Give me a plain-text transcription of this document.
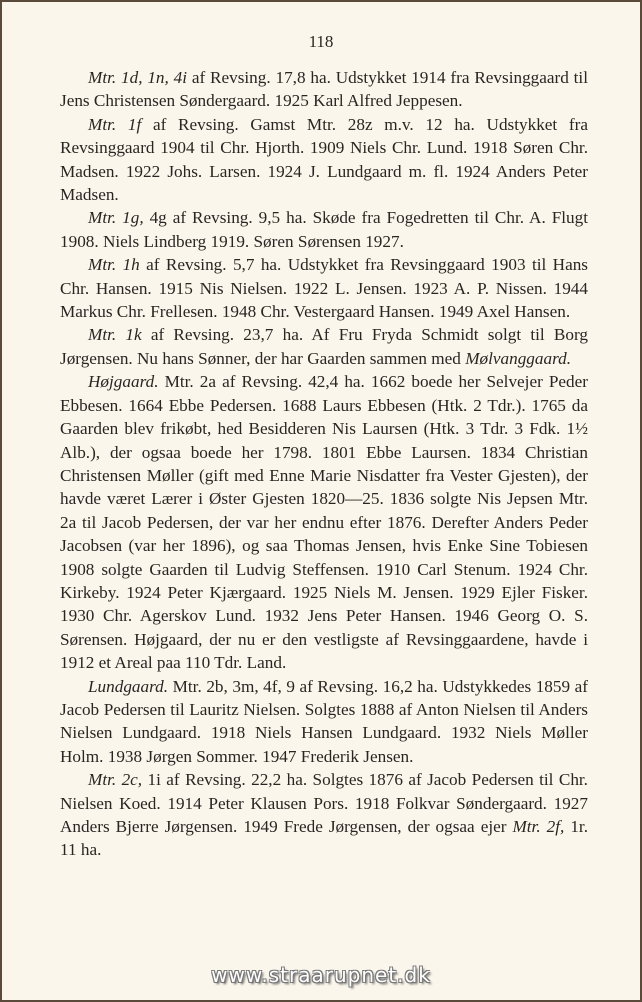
118

Mtr. 1d, 1n, 4i af Revsing. 17,8 ha. Udstykket 1914 fra Revsinggaard til Jens Christensen Søndergaard. 1925 Karl Alfred Jeppesen.

Mtr. 1f af Revsing. Gamst Mtr. 28z m.v. 12 ha. Udstykket fra Revsinggaard 1904 til Chr. Hjorth. 1909 Niels Chr. Lund. 1918 Søren Chr. Madsen. 1922 Johs. Larsen. 1924 J. Lundgaard m. fl. 1924 Anders Peter Madsen.

Mtr. 1g, 4g af Revsing. 9,5 ha. Skøde fra Fogedretten til Chr. A. Flugt 1908. Niels Lindberg 1919. Søren Sørensen 1927.

Mtr. 1h af Revsing. 5,7 ha. Udstykket fra Revsinggaard 1903 til Hans Chr. Hansen. 1915 Nis Nielsen. 1922 L. Jensen. 1923 A. P. Nissen. 1944 Markus Chr. Frellesen. 1948 Chr. Vestergaard Hansen. 1949 Axel Hansen.

Mtr. 1k af Revsing. 23,7 ha. Af Fru Fryda Schmidt solgt til Borg Jørgensen. Nu hans Sønner, der har Gaarden sammen med Mølvanggaard.

Højgaard. Mtr. 2a af Revsing. 42,4 ha. 1662 boede her Selvejer Peder Ebbesen. 1664 Ebbe Pedersen. 1688 Laurs Ebbesen (Htk. 2 Tdr.). 1765 da Gaarden blev frikøbt, hed Besidderen Nis Laursen (Htk. 3 Tdr. 3 Fdk. 1½ Alb.), der ogsaa boede her 1798. 1801 Ebbe Laursen. 1834 Christian Christensen Møller (gift med Enne Marie Nisdatter fra Vester Gjesten), der havde været Lærer i Øster Gjesten 1820—25. 1836 solgte Nis Jepsen Mtr. 2a til Jacob Pedersen, der var her endnu efter 1876. Derefter Anders Peder Jacobsen (var her 1896), og saa Thomas Jensen, hvis Enke Sine Tobiesen 1908 solgte Gaarden til Ludvig Steffensen. 1910 Carl Stenum. 1924 Chr. Kirkeby. 1924 Peter Kjærgaard. 1925 Niels M. Jensen. 1929 Ejler Fisker. 1930 Chr. Agerskov Lund. 1932 Jens Peter Hansen. 1946 Georg O. S. Sørensen. Højgaard, der nu er den vestligste af Revsinggaardene, havde i 1912 et Areal paa 110 Tdr. Land.

Lundgaard. Mtr. 2b, 3m, 4f, 9 af Revsing. 16,2 ha. Udstykkedes 1859 af Jacob Pedersen til Lauritz Nielsen. Solgtes 1888 af Anton Nielsen til Anders Nielsen Lundgaard. 1918 Niels Hansen Lundgaard. 1932 Niels Møller Holm. 1938 Jørgen Sommer. 1947 Frederik Jensen.

Mtr. 2c, 1i af Revsing. 22,2 ha. Solgtes 1876 af Jacob Pedersen til Chr. Nielsen Koed. 1914 Peter Klausen Pors. 1918 Folkvar Søndergaard. 1927 Anders Bjerre Jørgensen. 1949 Frede Jørgensen, der ogsaa ejer Mtr. 2f, 1r. 11 ha.

www.straarupnet.dk
